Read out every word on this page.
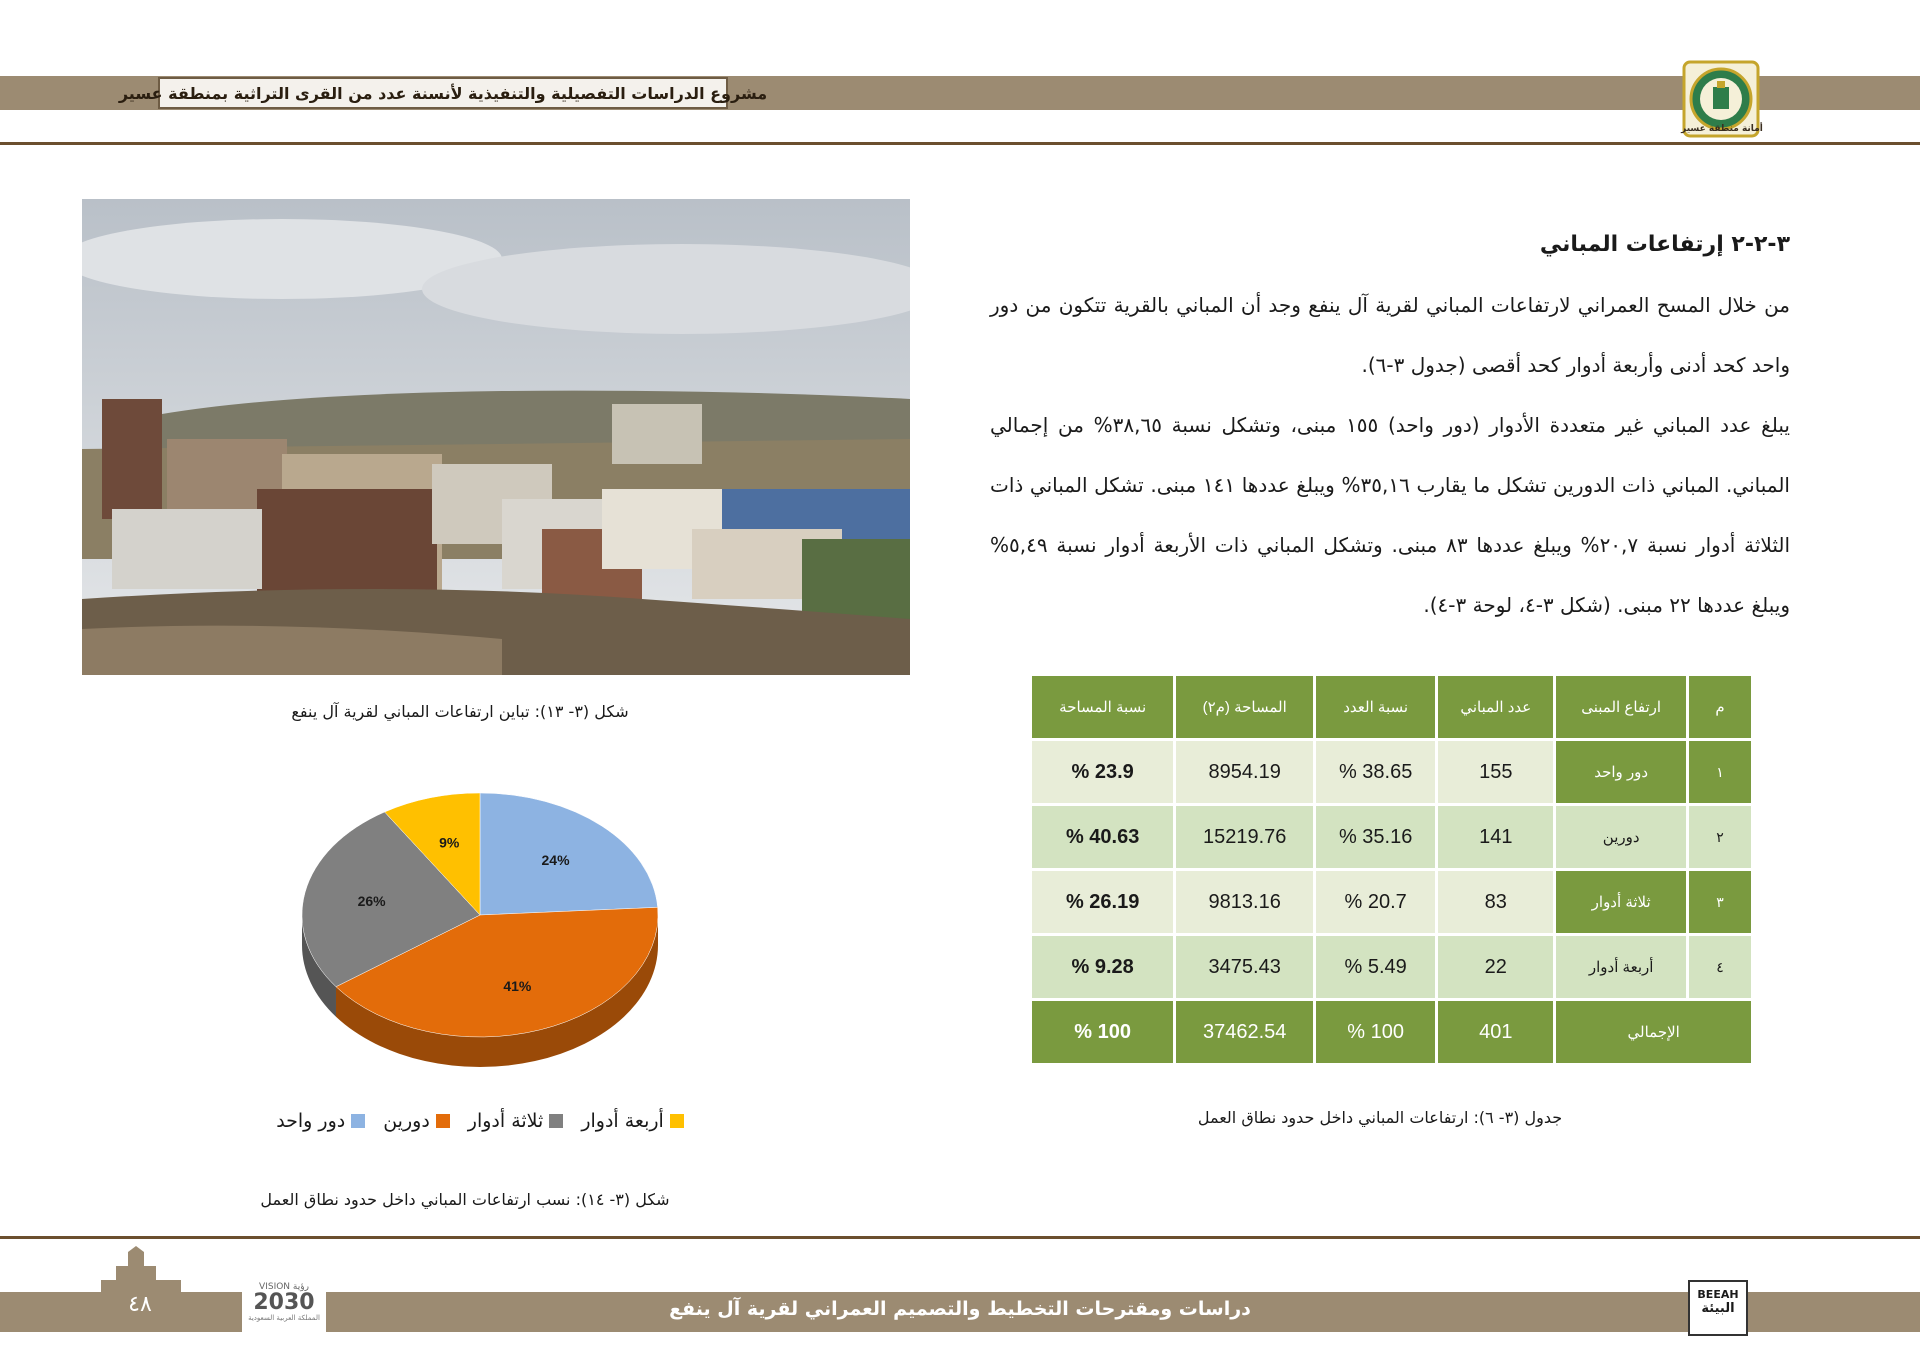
مشروع الدراسات التفصيلية والتنفيذية لأنسنة عدد من القرى التراثية بمنطقة عسير
أمانة منطقة عسير
شكل (٣- ١٣): تباين ارتفاعات المباني لقرية آل ينفع
٣-٢-٢ إرتفاعات المباني
من خلال المسح العمراني لارتفاعات المباني لقرية آل ينفع وجد أن المباني بالقرية تتكون من دور واحد كحد أدنى وأربعة أدوار كحد أقصى (جدول ٣-٦).
يبلغ عدد المباني غير متعددة الأدوار (دور واحد) ١٥٥ مبنى، وتشكل نسبة ٣٨,٦٥% من إجمالي المباني. المباني ذات الدورين تشكل ما يقارب ٣٥,١٦% ويبلغ عددها ١٤١ مبنى. تشكل المباني ذات الثلاثة أدوار نسبة ٢٠,٧% ويبلغ عددها ٨٣ مبنى. وتشكل المباني ذات الأربعة أدوار نسبة ٥,٤٩% ويبلغ عددها ٢٢ مبنى. (شكل ٣-٤، لوحة ٣-٤).
م	ارتفاع المبنى	عدد المباني	نسبة العدد	المساحة (م٢)	نسبة المساحة
١	دور واحد	155	38.65 %	8954.19	23.9 %
٢	دورين	141	35.16 %	15219.76	40.63 %
٣	ثلاثة أدوار	83	20.7 %	9813.16	26.19 %
٤	أربعة أدوار	22	5.49 %	3475.43	9.28 %
الإجمالي		401	100 %	37462.54	100 %
جدول (٣- ٦): ارتفاعات المباني داخل حدود نطاق العمل
24%
41%
26%
9%
أربعة أدوار
ثلاثة أدوار
دورين
دور واحد
شكل (٣- ١٤): نسب ارتفاعات المباني داخل حدود نطاق العمل
٤٨
VISION رؤية
2030
المملكة العربية السعودية	دراسات ومقترحات التخطيط والتصميم العمراني لقرية آل ينفع
BEEAH
البيئة
